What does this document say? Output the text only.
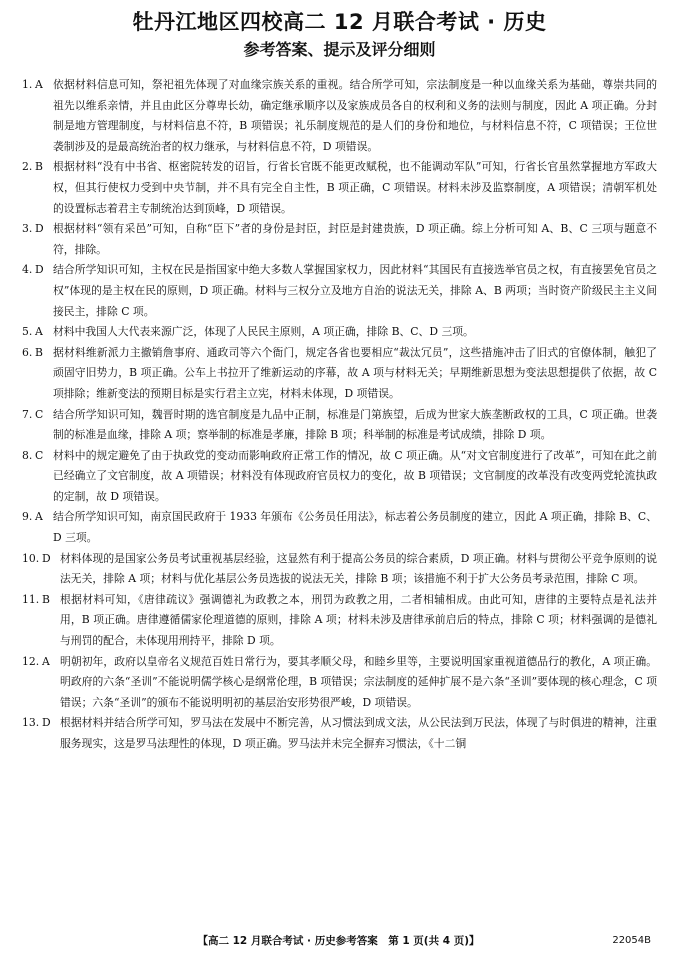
牡丹江地区四校高二 12 月联合考试 · 历史
参考答案、提示及评分细则
1. A 依据材料信息可知，祭祀祖先体现了对血缘宗族关系的重视。结合所学可知，宗法制度是一种以血缘关系为基础，尊崇共同的祖先以维系亲情，并且由此区分尊卑长幼，确定继承顺序以及家族成员各自的权利和义务的法则与制度，因此 A 项正确。分封制是地方管理制度，与材料信息不符，B 项错误；礼乐制度规范的是人们的身份和地位，与材料信息不符，C 项错误；王位世袭制涉及的是最高统治者的权力继承，与材料信息不符，D 项错误。
2. B 根据材料“没有中书省、枢密院转发的诏旨，行省长官既不能更改赋税，也不能调动军队”可知，行省长官虽然掌握地方军政大权，但其行使权力受到中央节制，并不具有完全自主性，B 项正确，C 项错误。材料未涉及监察制度，A 项错误；清朝军机处的设置标志着君主专制统治达到顶峰，D 项错误。
3. D 根据材料“领有采邑”可知，自称“臣下”者的身份是封臣，封臣是封建贵族，D 项正确。综上分析可知 A、B、C 三项与题意不符，排除。
4. D 结合所学知识可知，主权在民是指国家中绝大多数人掌握国家权力，因此材料“其国民有直接选举官员之权，有直接罢免官员之权”体现的是主权在民的原则，D 项正确。材料与三权分立及地方自治的说法无关，排除 A、B 两项；当时资产阶级民主主义间接民主，排除 C 项。
5. A 材料中我国人大代表来源广泛，体现了人民民主原则，A 项正确，排除 B、C、D 三项。
6. B 据材料维新派力主撤销詹事府、通政司等六个衙门，规定各省也要相应“裁汰冗员”，这些措施冲击了旧式的官僚体制，触犯了顽固守旧势力，B 项正确。公车上书拉开了维新运动的序幕，故 A 项与材料无关；早期维新思想为变法思想提供了依据，故 C 项排除；维新变法的预期目标是实行君主立宪，材料未体现，D 项错误。
7. C 结合所学知识可知，魏晋时期的选官制度是九品中正制，标准是门第族望，后成为世家大族垄断政权的工具，C 项正确。世袭制的标准是血缘，排除 A 项；察举制的标准是孝廉，排除 B 项；科举制的标准是考试成绩，排除 D 项。
8. C 材料中的规定避免了由于执政党的变动而影响政府正常工作的情况，故 C 项正确。从“对文官制度进行了改革”，可知在此之前已经确立了文官制度，故 A 项错误；材料没有体现政府官员权力的变化，故 B 项错误；文官制度的改革没有改变两党轮流执政的定制，故 D 项错误。
9. A 结合所学知识可知，南京国民政府于 1933 年颁布《公务员任用法》，标志着公务员制度的建立，因此 A 项正确，排除 B、C、D 三项。
10. D 材料体现的是国家公务员考试重视基层经验，这显然有利于提高公务员的综合素质，D 项正确。材料与贯彻公平竞争原则的说法无关，排除 A 项；材料与优化基层公务员选拔的说法无关，排除 B 项；该措施不利于扩大公务员考录范围，排除 C 项。
11. B 根据材料可知，《唐律疏议》强调德礼为政教之本，刑罚为政教之用，二者相辅相成。由此可知，唐律的主要特点是礼法并用，B 项正确。唐律遵循儒家伦理道德的原则，排除 A 项；材料未涉及唐律承前启后的特点，排除 C 项；材料强调的是德礼与刑罚的配合，未体现用刑持平，排除 D 项。
12. A 明朝初年，政府以皇帝名义规范百姓日常行为，要其孝顺父母，和睦乡里等，主要说明国家重视道德品行的教化，A 项正确。明政府的六条“圣训”不能说明儒学核心是纲常伦理，B 项错误；宗法制度的延伸扩展不是六条“圣训”要体现的核心理念，C 项错误；六条“圣训”的颁布不能说明明初的基层治安形势很严峻，D 项错误。
13. D 根据材料并结合所学可知，罗马法在发展中不断完善，从习惯法到成文法，从公民法到万民法，体现了与时俱进的精神，注重服务现实，这是罗马法理性的体现，D 项正确。罗马法并未完全摒弃习惯法，《十二铜
【高二 12 月联合考试 · 历史参考答案　第 1 页(共 4 页)】	22054B
